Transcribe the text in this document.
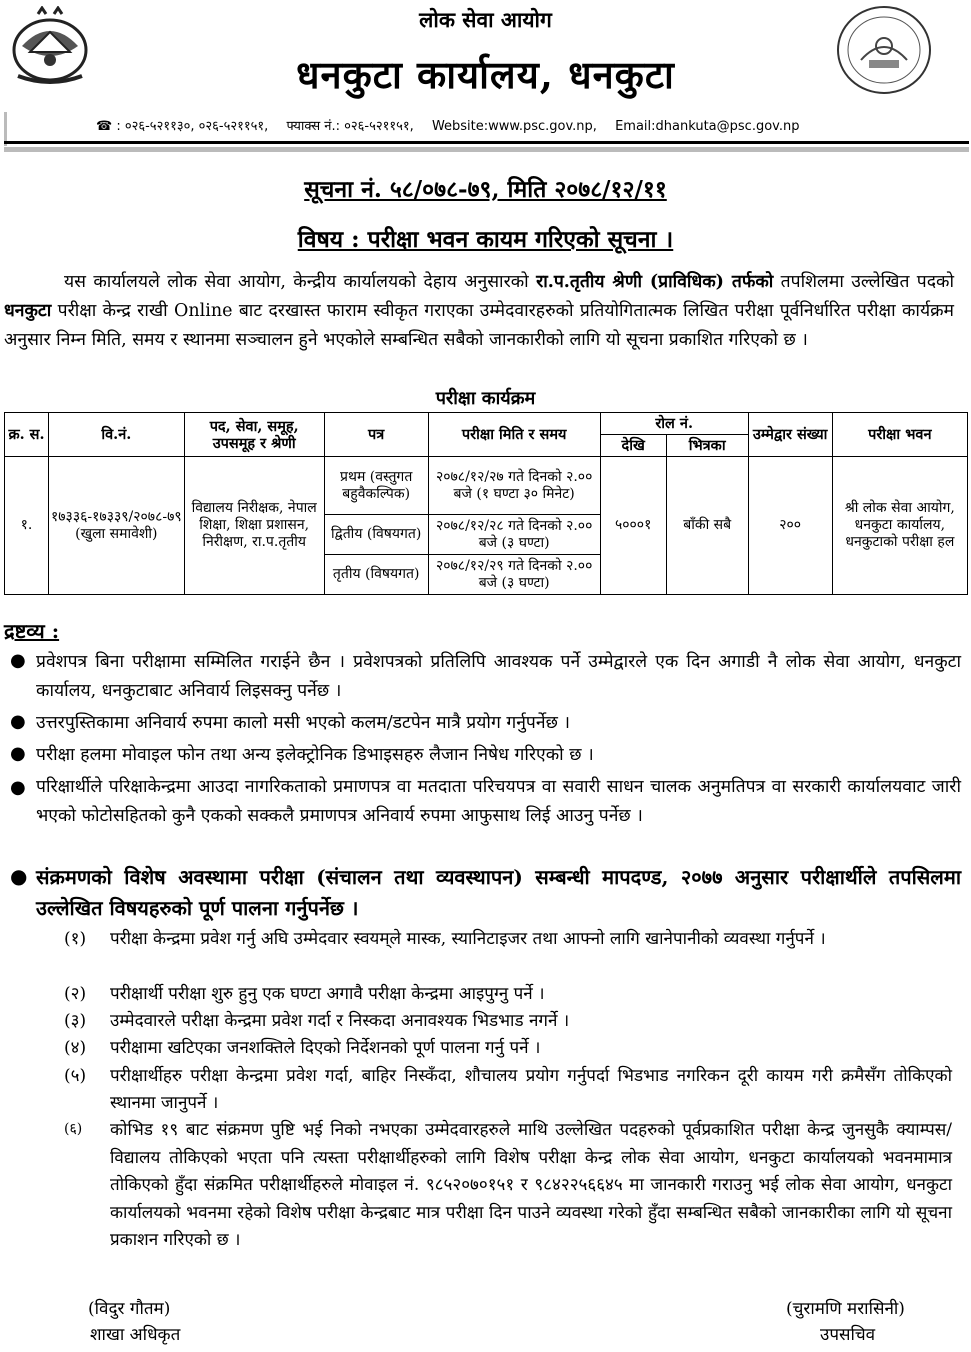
लोक सेवा आयोग
धनकुटा कार्यालय, धनकुटा
☎ : ०२६-५२११३०, ०२६-५२११५१, फ्याक्स नं.: ०२६-५२११५१, Website:www.psc.gov.np, Email:dhankuta@psc.gov.np
सूचना नं. ५८/०७८-७९, मिति २०७८/१२/११
विषय : परीक्षा भवन कायम गरिएको सूचना ।
यस कार्यालयले लोक सेवा आयोग, केन्द्रीय कार्यालयको देहाय अनुसारको रा.प.तृतीय श्रेणी (प्राविधिक) तर्फको तपशिलमा उल्लेखित पदको धनकुटा परीक्षा केन्द्र राखी Online बाट दरखास्त फाराम स्वीकृत गराएका उम्मेदवारहरुको प्रतियोगितात्मक लिखित परीक्षा पूर्वनिर्धारित परीक्षा कार्यक्रम अनुसार निम्न मिति, समय र स्थानमा सञ्चालन हुने भएकोले सम्बन्धित सबैको जानकारीको लागि यो सूचना प्रकाशित गरिएको छ ।
परीक्षा कार्यक्रम
क्र. स.	वि.नं.	पद, सेवा, समूह, उपसमूह र श्रेणी	पत्र	परीक्षा मिति र समय	रोल नं.		उम्मेद्वार संख्या	परीक्षा भवन
					देखि	भित्रका		
१.	१७३३६-१७३३९/२०७८-७९ (खुला समावेशी)	विद्यालय निरीक्षक, नेपाल शिक्षा, शिक्षा प्रशासन, निरीक्षण, रा.प.तृतीय	प्रथम (वस्तुगत बहुवैकल्पिक)	२०७८/१२/२७ गते दिनको २.०० बजे (१ घण्टा ३० मिनेट)	५०००१	बाँकी सबै	२००	श्री लोक सेवा आयोग, धनकुटा कार्यालय, धनकुटाको परीक्षा हल
			द्वितीय (विषयगत)	२०७८/१२/२८ गते दिनको २.०० बजे (३ घण्टा)				
			तृतीय (विषयगत)	२०७८/१२/२९ गते दिनको २.०० बजे (३ घण्टा)				
द्रष्टव्य :
● प्रवेशपत्र बिना परीक्षामा सम्मिलित गराईने छैन । प्रवेशपत्रको प्रतिलिपि आवश्यक पर्ने उम्मेद्वारले एक दिन अगाडी नै लोक सेवा आयोग, धनकुटा कार्यालय, धनकुटाबाट अनिवार्य लिइसक्नु पर्नेछ ।
● उत्तरपुस्तिकामा अनिवार्य रुपमा कालो मसी भएको कलम/डटपेन मात्रै प्रयोग गर्नुपर्नेछ ।
● परीक्षा हलमा मोवाइल फोन तथा अन्य इलेक्ट्रोनिक डिभाइसहरु लैजान निषेध गरिएको छ ।
● परिक्षार्थीले परिक्षाकेन्द्रमा आउदा नागरिकताको प्रमाणपत्र वा मतदाता परिचयपत्र वा सवारी साधन चालक अनुमतिपत्र वा सरकारी कार्यालयवाट जारी भएको फोटोसहितको कुनै एकको सक्कलै प्रमाणपत्र अनिवार्य रुपमा आफुसाथ लिई आउनु पर्नेछ ।
● संक्रमणको विशेष अवस्थामा परीक्षा (संचालन तथा व्यवस्थापन) सम्बन्धी मापदण्ड, २०७७ अनुसार परीक्षार्थीले तपसिलमा उल्लेखित विषयहरुको पूर्ण पालना गर्नुपर्नेछ ।
(१) परीक्षा केन्द्रमा प्रवेश गर्नु अघि उम्मेदवार स्वयम्‌ले मास्क, स्यानिटाइजर तथा आफ्नो लागि खानेपानीको व्यवस्था गर्नुपर्ने ।
(२) परीक्षार्थी परीक्षा शुरु हुनु एक घण्टा अगावै परीक्षा केन्द्रमा आइपुग्नु पर्ने ।
(३) उम्मेदवारले परीक्षा केन्द्रमा प्रवेश गर्दा र निस्कदा अनावश्यक भिडभाड नगर्ने ।
(४) परीक्षामा खटिएका जनशक्तिले दिएको निर्देशनको पूर्ण पालना गर्नु पर्ने ।
(५) परीक्षार्थीहरु परीक्षा केन्द्रमा प्रवेश गर्दा, बाहिर निस्कँदा, शौचालय प्रयोग गर्नुपर्दा भिडभाड नगरिकन दूरी कायम गरी क्रमैसँग तोकिएको स्थानमा जानुपर्ने ।
(६) कोभिड १९ बाट संक्रमण पुष्टि भई निको नभएका उम्मेदवारहरुले माथि उल्लेखित पदहरुको पूर्वप्रकाशित परीक्षा केन्द्र जुनसुकै क्याम्पस/विद्यालय तोकिएको भएता पनि त्यस्ता परीक्षार्थीहरुको लागि विशेष परीक्षा केन्द्र लोक सेवा आयोग, धनकुटा कार्यालयको भवनमामात्र तोकिएको हुँदा संक्रमित परीक्षार्थीहरुले मोवाइल नं. ९८५२०७०१५१ र ९८४२२५६६४५ मा जानकारी गराउनु भई लोक सेवा आयोग, धनकुटा कार्यालयको भवनमा रहेको विशेष परीक्षा केन्द्रबाट मात्र परीक्षा दिन पाउने व्यवस्था गरेको हुँदा सम्बन्धित सबैको जानकारीका लागि यो सूचना प्रकाशन गरिएको छ ।
(विदुर गौतम)
शाखा अधिकृत
(चुरामणि मरासिनी)
उपसचिव
